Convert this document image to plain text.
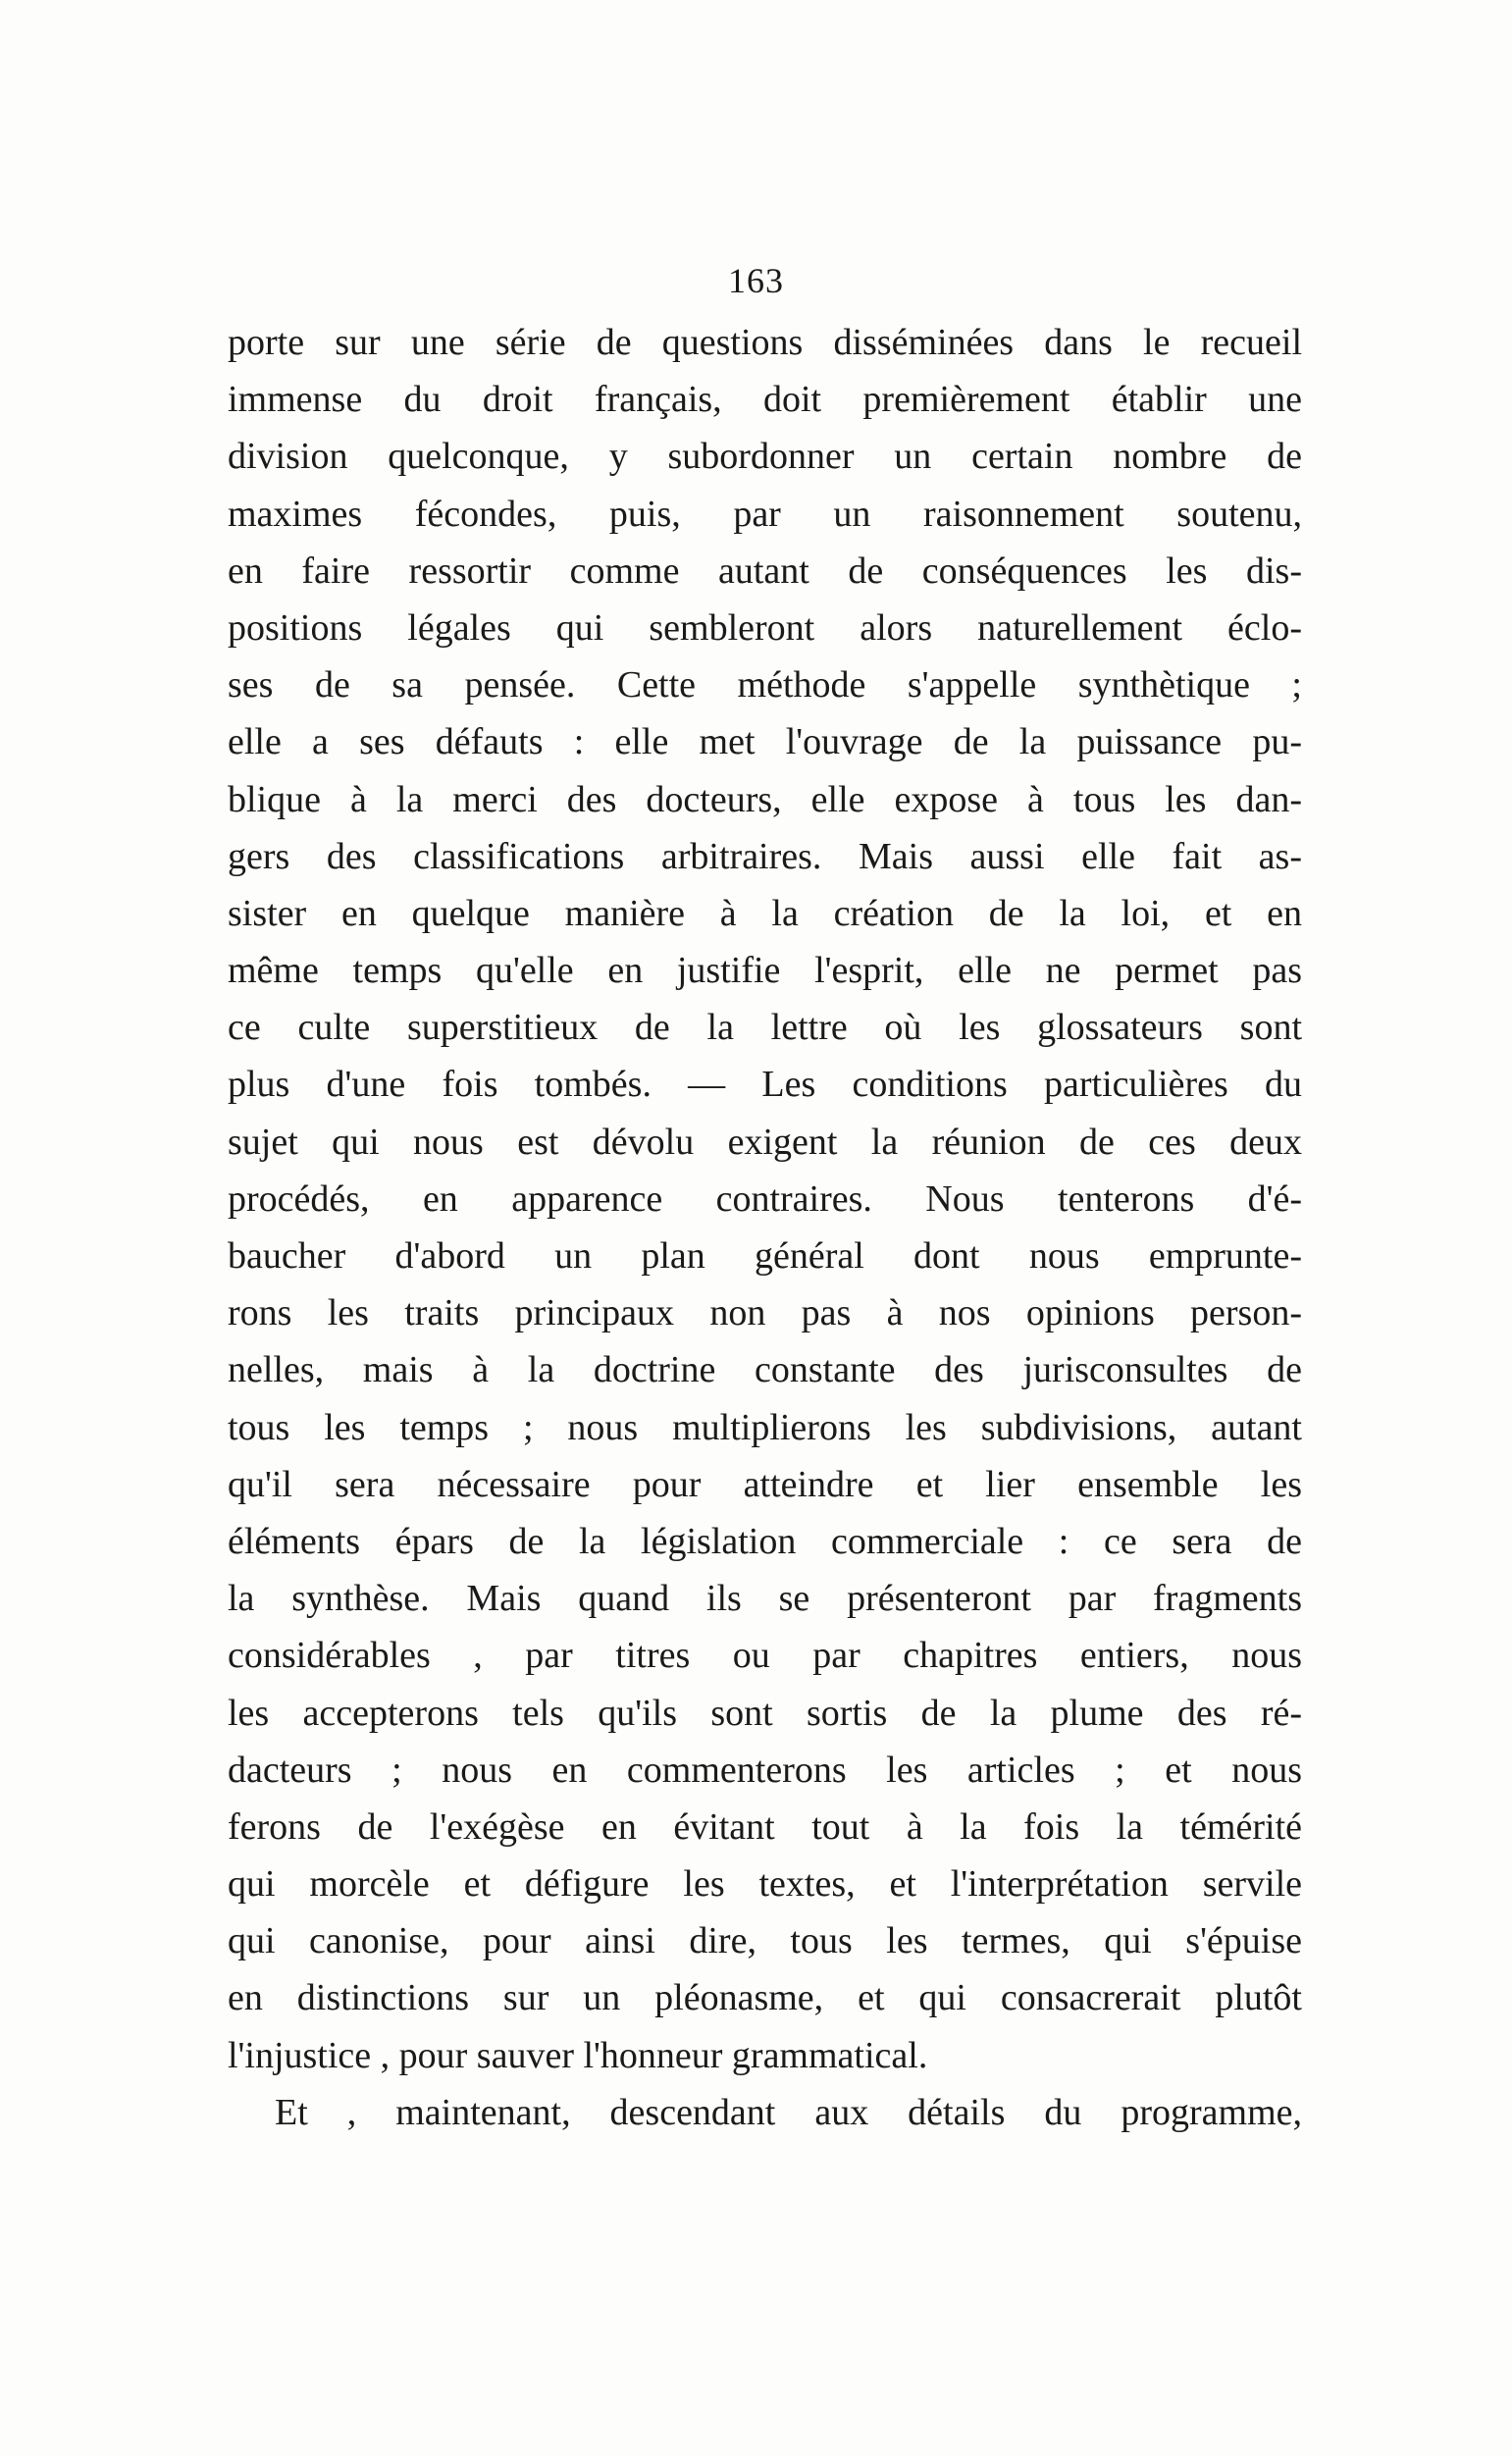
163
porte sur une série de questions disséminées dans le recueil
immense du droit français, doit premièrement établir une
division quelconque, y subordonner un certain nombre de
maximes fécondes, puis, par un raisonnement soutenu,
en faire ressortir comme autant de conséquences les dis-
positions légales qui sembleront alors naturellement éclo-
ses de sa pensée. Cette méthode s'appelle synthètique ;
elle a ses défauts : elle met l'ouvrage de la puissance pu-
blique à la merci des docteurs, elle expose à tous les dan-
gers des classifications arbitraires. Mais aussi elle fait as-
sister en quelque manière à la création de la loi, et en
même temps qu'elle en justifie l'esprit, elle ne permet pas
ce culte superstitieux de la lettre où les glossateurs sont
plus d'une fois tombés. — Les conditions particulières du
sujet qui nous est dévolu exigent la réunion de ces deux
procédés, en apparence contraires. Nous tenterons d'é-
baucher d'abord un plan général dont nous emprunte-
rons les traits principaux non pas à nos opinions person-
nelles, mais à la doctrine constante des jurisconsultes de
tous les temps ; nous multiplierons les subdivisions, autant
qu'il sera nécessaire pour atteindre et lier ensemble les
éléments épars de la législation commerciale : ce sera de
la synthèse. Mais quand ils se présenteront par fragments
considérables , par titres ou par chapitres entiers, nous
les accepterons tels qu'ils sont sortis de la plume des ré-
dacteurs ; nous en commenterons les articles ; et nous
ferons de l'exégèse en évitant tout à la fois la témérité
qui morcèle et défigure les textes, et l'interprétation servile
qui canonise, pour ainsi dire, tous les termes, qui s'épuise
en distinctions sur un pléonasme, et qui consacrerait plutôt
l'injustice , pour sauver l'honneur grammatical.
Et , maintenant, descendant aux détails du programme,
